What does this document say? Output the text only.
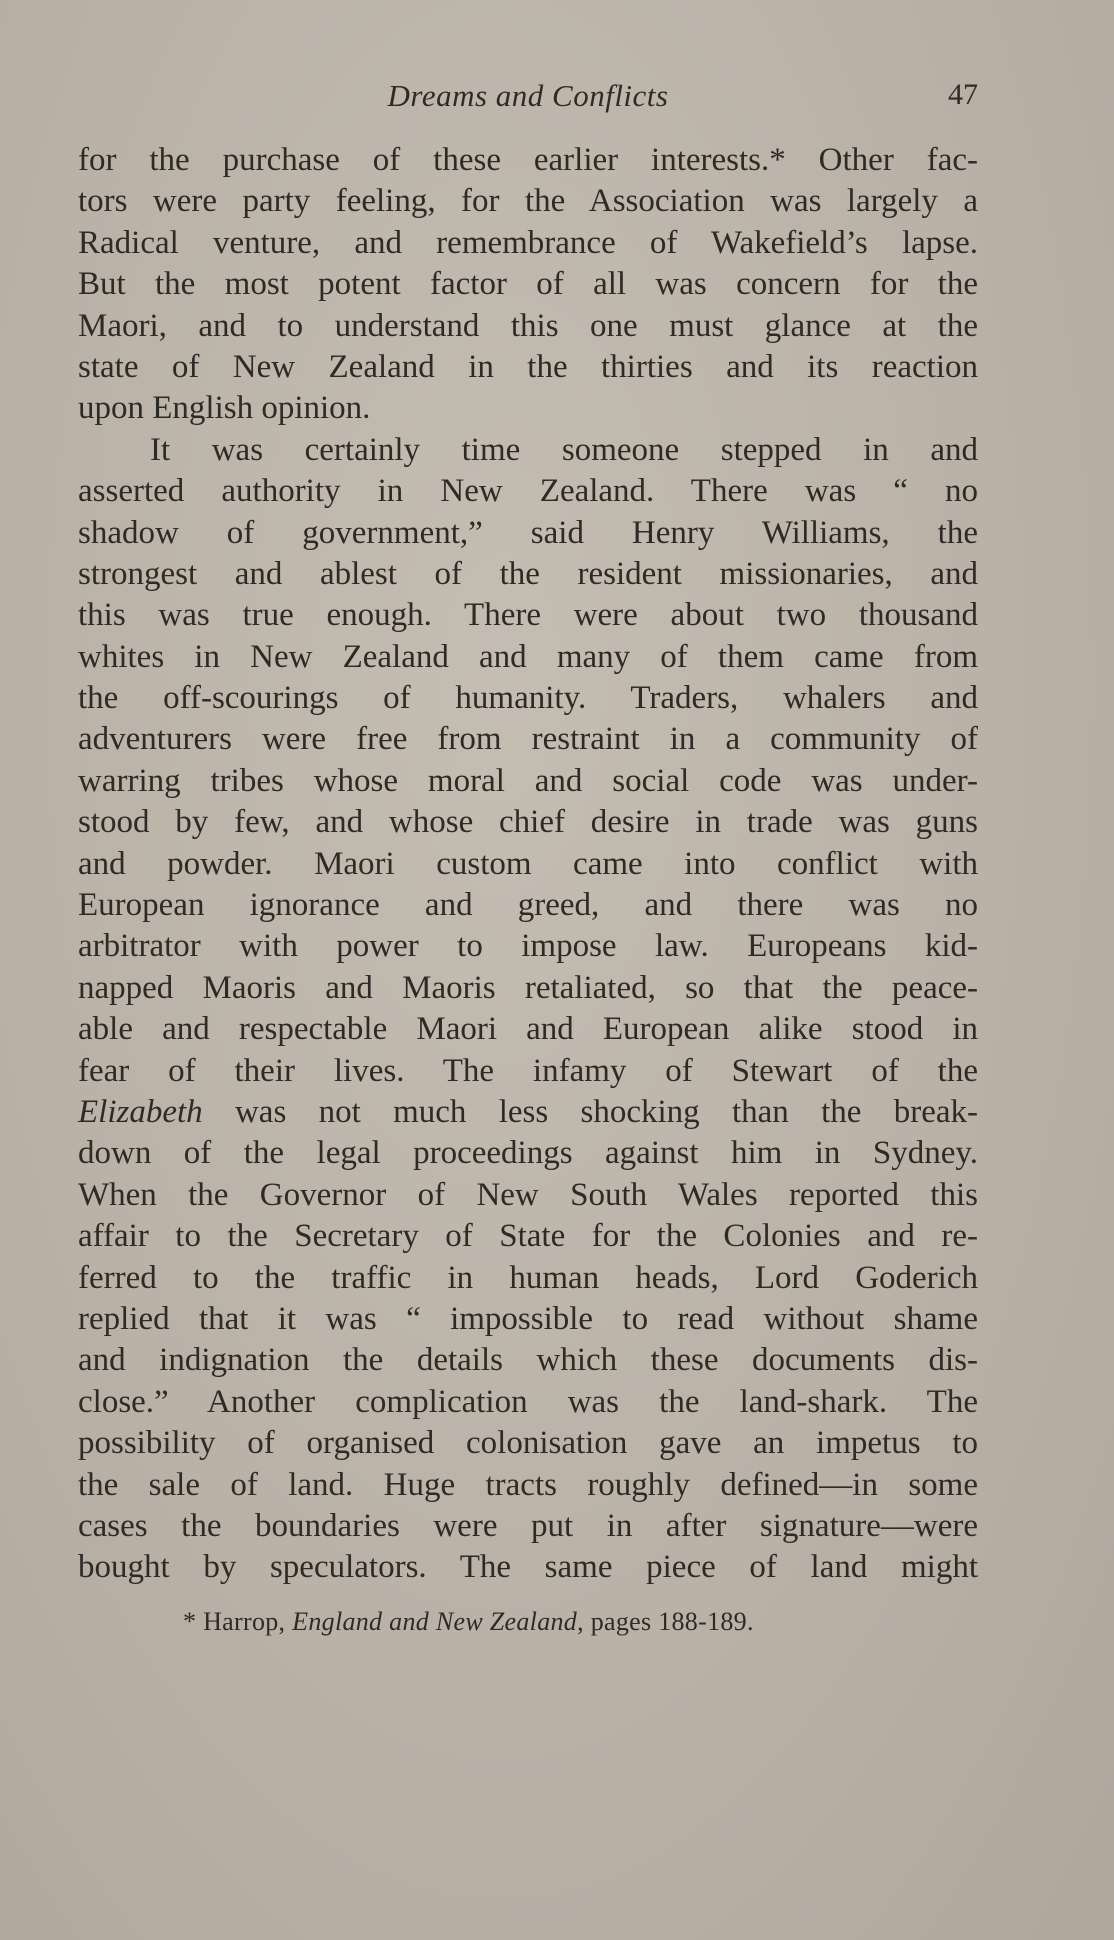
Dreams and Conflicts	47
for the purchase of these earlier interests.* Other fac-
tors were party feeling, for the Association was largely a
Radical venture, and remembrance of Wakefield’s lapse.
But the most potent factor of all was concern for the
Maori, and to understand this one must glance at the
state of New Zealand in the thirties and its reaction
upon English opinion.
It was certainly time someone stepped in and
asserted authority in New Zealand. There was “ no
shadow of government,” said Henry Williams, the
strongest and ablest of the resident missionaries, and
this was true enough. There were about two thousand
whites in New Zealand and many of them came from
the off-scourings of humanity. Traders, whalers and
adventurers were free from restraint in a community of
warring tribes whose moral and social code was under-
stood by few, and whose chief desire in trade was guns
and powder. Maori custom came into conflict with
European ignorance and greed, and there was no
arbitrator with power to impose law. Europeans kid-
napped Maoris and Maoris retaliated, so that the peace-
able and respectable Maori and European alike stood in
fear of their lives. The infamy of Stewart of the
Elizabeth was not much less shocking than the break-
down of the legal proceedings against him in Sydney.
When the Governor of New South Wales reported this
affair to the Secretary of State for the Colonies and re-
ferred to the traffic in human heads, Lord Goderich
replied that it was “ impossible to read without shame
and indignation the details which these documents dis-
close.” Another complication was the land-shark. The
possibility of organised colonisation gave an impetus to
the sale of land. Huge tracts roughly defined—in some
cases the boundaries were put in after signature—were
bought by speculators. The same piece of land might
* Harrop, England and New Zealand, pages 188-189.
